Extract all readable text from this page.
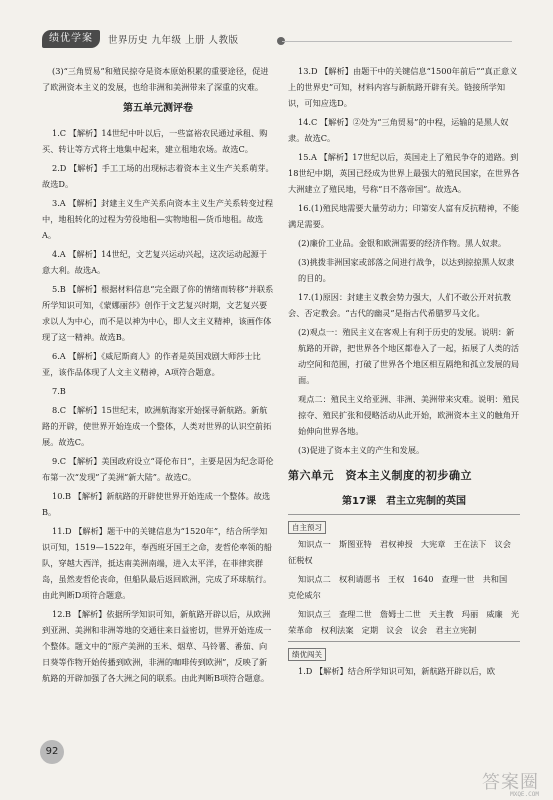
绩优学案	世界历史 九年级 上册 人教版

(3)“三角贸易”和殖民掠夺是资本原始积累的重要途径，促进了欧洲资本主义的发展，也给非洲和美洲带来了深重的灾难。

第五单元测评卷

1.C 【解析】14世纪中叶以后，一些富裕农民通过承租、购买、转让等方式将土地集中起来，建立租地农场。故选C。

2.D 【解析】手工工场的出现标志着资本主义生产关系萌芽。故选D。

3.A 【解析】封建主义生产关系向资本主义生产关系转变过程中，地租转化的过程为劳役地租—实物地租—货币地租。故选A。

4.A 【解析】14世纪，文艺复兴运动兴起，这次运动起源于意大利。故选A。

5.B 【解析】根据材料信息“完全跟了你的情绪而转移”并联系所学知识可知，《蒙娜丽莎》创作于文艺复兴时期，文艺复兴要求以人为中心，而不是以神为中心，即人文主义精神，该画作体现了这一精神。故选B。

6.A 【解析】《威尼斯商人》的作者是英国戏剧大师莎士比亚，该作品体现了人文主义精神，A项符合题意。

7.B

8.C 【解析】15世纪末，欧洲航海家开始探寻新航路。新航路的开辟，使世界开始连成一个整体，人类对世界的认识空前拓展。故选C。

9.C 【解析】美国政府设立“哥伦布日”，主要是因为纪念哥伦布第一次“发现”了美洲“新大陆”。故选C。

10.B 【解析】新航路的开辟使世界开始连成一个整体。故选B。

11.D 【解析】题干中的关键信息为“1520年”，结合所学知识可知，1519—1522年，奉西班牙国王之命，麦哲伦率领的船队，穿越大西洋，抵达南美洲南端，进入太平洋，在菲律宾群岛，虽然麦哲伦丧命，但船队最后返回欧洲，完成了环球航行。由此判断D项符合题意。

12.B 【解析】依据所学知识可知，新航路开辟以后，从欧洲到亚洲、美洲和非洲等地的交通往来日益密切，世界开始连成一个整体。题文中的“原产美洲的玉米、烟草、马铃薯、番茄、向日葵等作物开始传播到欧洲，非洲的咖啡传到欧洲”，反映了新航路的开辟加强了各大洲之间的联系。由此判断B项符合题意。

13.D 【解析】由题干中的关键信息“1500年前后”“真正意义上的世界史”可知，材料内容与新航路开辟有关。链接所学知识，可知应选D。

14.C 【解析】②处为“三角贸易”的中程，运输的是黑人奴隶。故选C。

15.A 【解析】17世纪以后，英国走上了殖民争夺的道路。到18世纪中期，英国已经成为世界上最强大的殖民国家，在世界各大洲建立了殖民地，号称“日不落帝国”。故选A。

16.(1)殖民地需要大量劳动力；印第安人富有反抗精神，不能满足需要。

(2)廉价工业品。金银和欧洲需要的经济作物。黑人奴隶。

(3)挑拨非洲国家或部落之间进行战争，以达到掠掠黑人奴隶的目的。

17.(1)原因：封建主义教会势力强大，人们不敢公开对抗教会、否定教会。“古代的幽灵”是指古代希腊罗马文化。

(2)观点一：殖民主义在客观上有利于历史的发展。说明：新航路的开辟，把世界各个地区都卷入了一起，拓展了人类的活动空间和范围，打破了世界各个地区相互隔绝和孤立发展的局面。

观点二：殖民主义给亚洲、非洲、美洲带来灾难。说明：殖民掠夺、殖民扩张和侵略活动从此开始，欧洲资本主义的触角开始伸向世界各地。

(3)促进了资本主义的产生和发展。

第六单元　资本主义制度的初步确立
第17课　君主立宪制的英国
自主预习

知识点一　斯图亚特　君权神授　大宪章　王在法下　议会　征税权

知识点二　权利请愿书　王权　1640　查理一世　共和国　克伦威尔

知识点三　查理二世　詹姆士二世　天主教　玛丽　威廉　光荣革命　权利法案　定期　议会　议会　君主立宪制

绩优闯关

1.D 【解析】结合所学知识可知，新航路开辟以后，欧

92
答案圈
MXQE.COM
